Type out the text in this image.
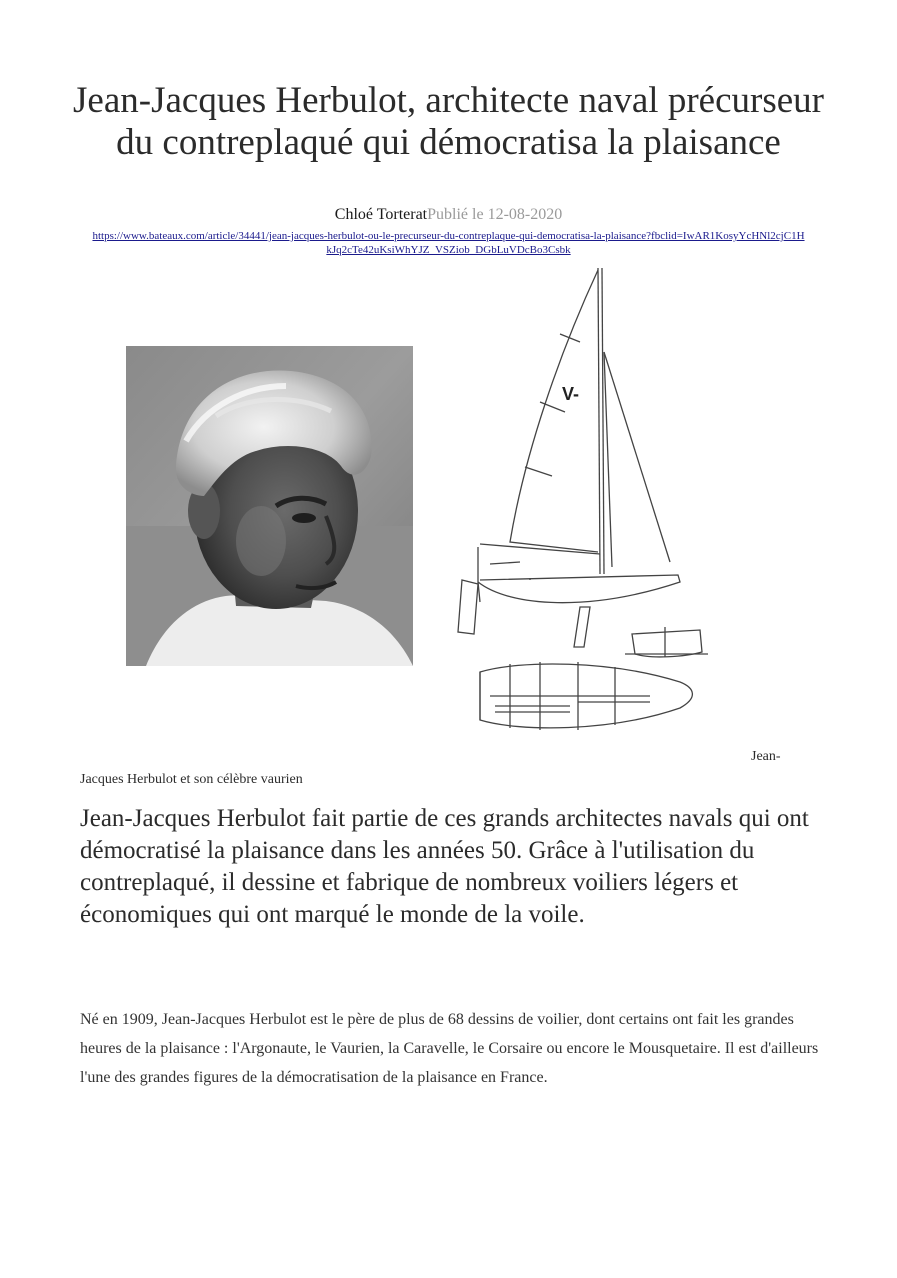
Jean-Jacques Herbulot, architecte naval précurseur du contreplaqué qui démocratisa la plaisance
Chloé TorteratPublié le 12-08-2020
https://www.bateaux.com/article/34441/jean-jacques-herbulot-ou-le-precurseur-du-contreplaque-qui-democratisa-la-plaisance?fbclid=IwAR1KosyYcHNl2cjC1HkJq2cTe42uKsiWhYJZ_VSZiob_DGbLuVDcBo3Csbk
V-
Jean-
Jacques Herbulot et son célèbre vaurien

Jean-Jacques Herbulot fait partie de ces grands architectes navals qui ont démocratisé la plaisance dans les années 50. Grâce à l'utilisation du contreplaqué, il dessine et fabrique de nombreux voiliers légers et économiques qui ont marqué le monde de la voile.

Né en 1909, Jean-Jacques Herbulot est le père de plus de 68 dessins de voilier, dont certains ont fait les grandes heures de la plaisance : l'Argonaute, le Vaurien, la Caravelle, le Corsaire ou encore le Mousquetaire. Il est d'ailleurs l'une des grandes figures de la démocratisation de la plaisance en France.
